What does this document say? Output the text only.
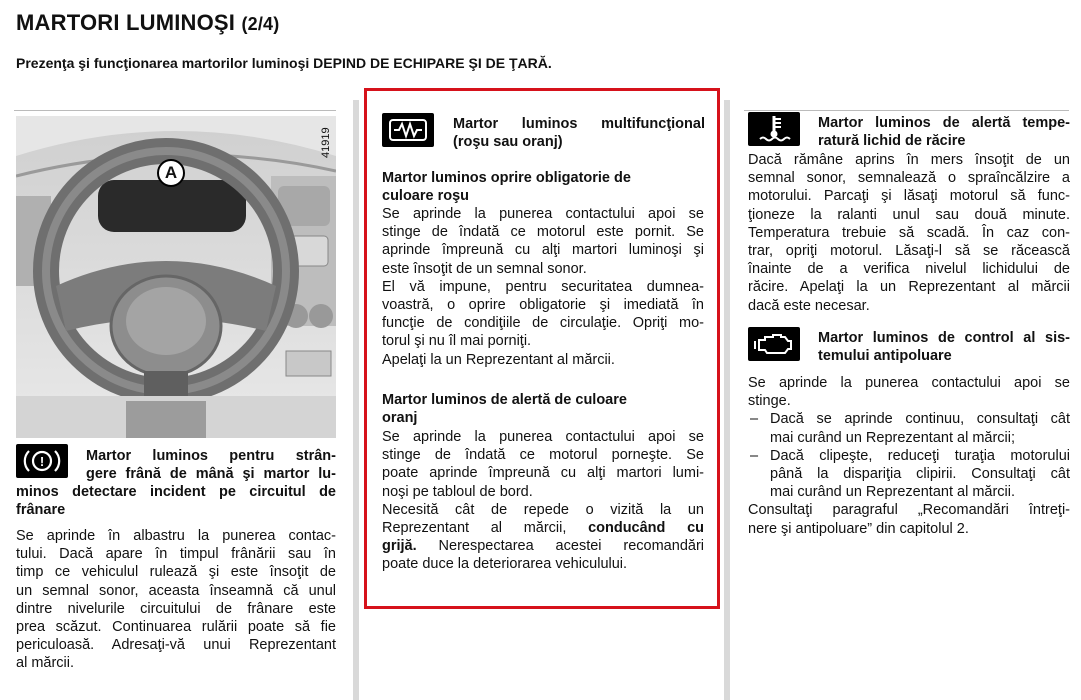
MARTORI LUMINOŞI (2/4)
Prezenţa şi funcţionarea martorilor luminoşi DEPIND DE ECHIPARE ŞI DE ŢARĂ.
A
41919
!	Martor luminos pentru strân-
gere frână de mână şi martor lu-
minos detectare incident pe circuitul de
frânare
Se aprinde în albastru la punerea contac-
tului. Dacă apare în timpul frânării sau în
timp ce vehiculul rulează şi este însoţit de
un semnal sonor, aceasta înseamnă că unul
dintre nivelurile circuitului de frânare este
prea scăzut. Continuarea rulării poate să fie
periculoasă. Adresaţi-vă unui Reprezentant
al mărcii.
Martor luminos multifuncţional
(roşu sau oranj)
Martor luminos oprire obligatorie de
culoare roşu
Se aprinde la punerea contactului apoi se
stinge de îndată ce motorul este pornit. Se
aprinde împreună cu alţi martori luminoşi şi
este însoţit de un semnal sonor.
El vă impune, pentru securitatea dumnea-
voastră, o oprire obligatorie şi imediată în
funcţie de condiţiile de circulaţie. Opriţi mo-
torul şi nu îl mai porniţi.
Apelaţi la un Reprezentant al mărcii.
Martor luminos de alertă de culoare
oranj
Se aprinde la punerea contactului apoi se
stinge de îndată ce motorul porneşte. Se
poate aprinde împreună cu alţi martori lumi-
noşi pe tabloul de bord.
Necesită cât de repede o vizită la un
Reprezentant al mărcii, conducând cu
grijă. Nerespectarea acestei recomandări
poate duce la deteriorarea vehiculului.
Martor luminos de alertă tempe-
ratură lichid de răcire
Dacă rămâne aprins în mers însoţit de un
semnal sonor, semnalează o spraîncălzire a
motorului. Parcaţi şi lăsaţi motorul să func-
ţioneze la ralanti unul sau două minute.
Temperatura trebuie să scadă. În caz con-
trar, opriţi motorul. Lăsaţi-l să se răcească
înainte de a verifica nivelul lichidului de
răcire. Apelaţi la un Reprezentant al mărcii
dacă este necesar.
Martor luminos de control al sis-
temului antipoluare
Se aprinde la punerea contactului apoi se
stinge.
– Dacă se aprinde continuu, consultaţi cât
mai curând un Reprezentant al mărcii;
– Dacă clipeşte, reduceţi turaţia motorului
până la dispariţia clipirii. Consultaţi cât
mai curând un Reprezentant al mărcii.
Consultaţi paragraful „Recomandări întreţi-
nere şi antipoluare” din capitolul 2.
